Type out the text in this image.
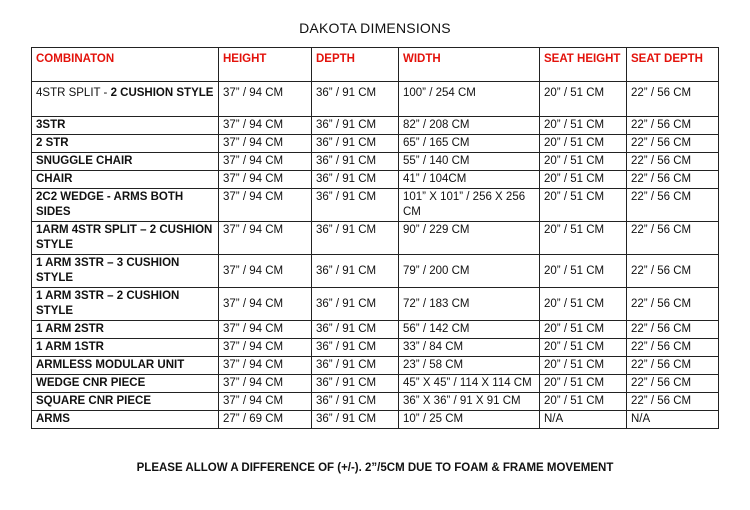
DAKOTA DIMENSIONS
COMBINATON	HEIGHT	DEPTH	WIDTH	SEAT HEIGHT	SEAT DEPTH
4STR SPLIT - 2 CUSHION STYLE	37” / 94 CM	36” / 91 CM	100” / 254 CM	20” / 51 CM	22” / 56 CM
3STR	37” / 94 CM	36” / 91 CM	82” / 208 CM	20” / 51 CM	22” / 56 CM
2 STR	37” / 94 CM	36” / 91 CM	65” / 165 CM	20” / 51 CM	22” / 56 CM
SNUGGLE CHAIR	37” / 94 CM	36” / 91 CM	55” / 140 CM	20” / 51 CM	22” / 56 CM
CHAIR	37” / 94 CM	36” / 91 CM	41” / 104CM	20” / 51 CM	22” / 56 CM
2C2 WEDGE - ARMS BOTH SIDES	37” / 94 CM	36” / 91 CM	101” X 101” / 256 X 256 CM	20” / 51 CM	22” / 56 CM
1ARM 4STR SPLIT – 2 CUSHION STYLE	37” / 94 CM	36” / 91 CM	90” / 229 CM	20” / 51 CM	22” / 56 CM
1 ARM 3STR – 3 CUSHION STYLE	37” / 94 CM	36” / 91 CM	79” / 200 CM	20” / 51 CM	22” / 56 CM
1 ARM 3STR – 2 CUSHION STYLE	37” / 94 CM	36” / 91 CM	72” / 183 CM	20” / 51 CM	22” / 56 CM
1 ARM 2STR	37” / 94 CM	36” / 91 CM	56” / 142 CM	20” / 51 CM	22” / 56 CM
1 ARM 1STR	37” / 94 CM	36” / 91 CM	33” / 84 CM	20” / 51 CM	22” / 56 CM
ARMLESS MODULAR UNIT	37” / 94 CM	36” / 91 CM	23” / 58 CM	20” / 51 CM	22” / 56 CM
WEDGE CNR PIECE	37” / 94 CM	36” / 91 CM	45” X 45” / 114 X 114 CM	20” / 51 CM	22” / 56 CM
SQUARE CNR PIECE	37” / 94 CM	36” / 91 CM	36” X 36” / 91 X 91 CM	20” / 51 CM	22” / 56 CM
ARMS	27” / 69 CM	36” / 91 CM	10” / 25 CM	N/A	N/A
PLEASE ALLOW A DIFFERENCE OF (+/-). 2”/5CM DUE TO FOAM & FRAME MOVEMENT
